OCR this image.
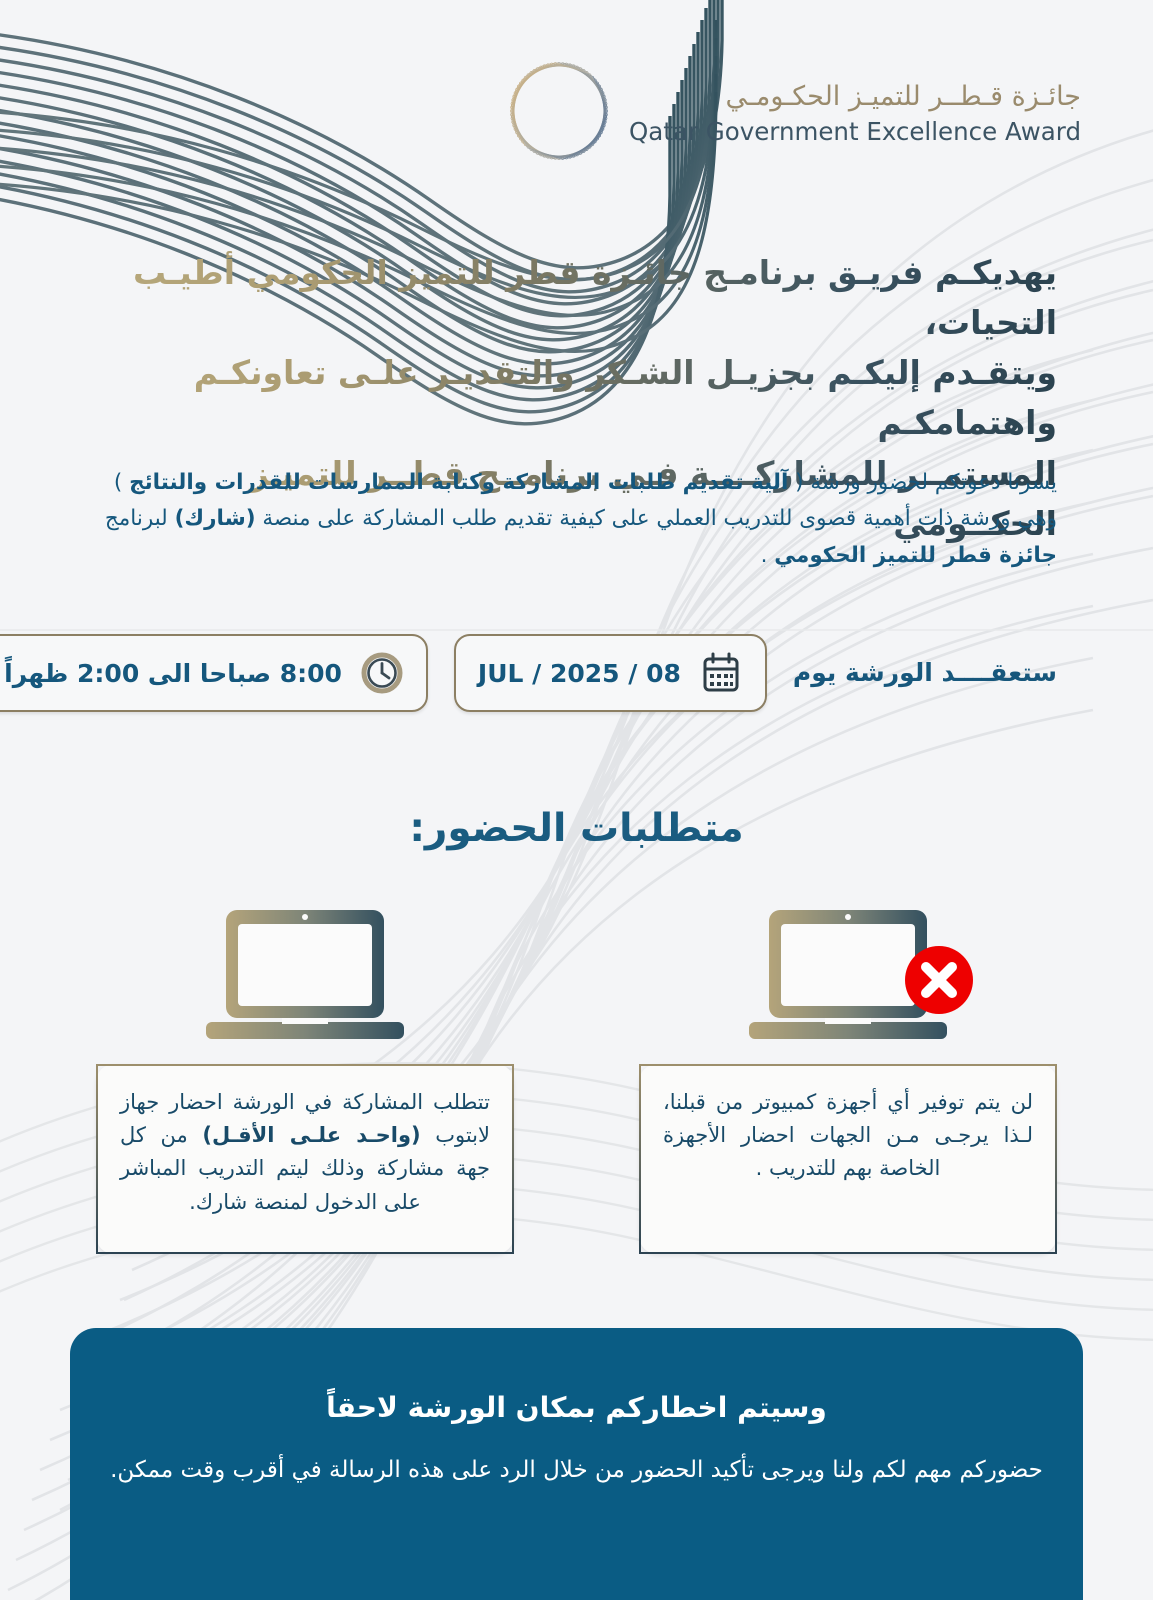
جائـزة قـطــر للتميـز الحكـومـي
Qatar Government Excellence Award
يهديكـم فريـق برنامـج جائـزة قطر للتميز الحكومي أطيـب التحيات،
ويتقـدم إليكـم بجزيـل الشـكر والتقديـر علـى تعاونكـم واهتمامكـم
المستمــر للمشاركــــة فـي برنامــج قطــر للتميـز الحكــومي

يسرنا دعوتكم لحضور ورشة ( آلية تقديم طلبات المشاركة وكتابة الممارسات للقدرات والنتائج ) وهي ورشة ذات أهمية قصوى للتدريب العملي على كيفية تقديم طلب المشاركة على منصة (شارك) لبرنامج جائزة قطر للتميز الحكومي .

ستعقــــد الورشة يوم
08 / JUL / 2025
8:00 صباحا الى 2:00 ظهراً
متطلبات الحضور:
تتطلب المشاركة في الورشة احضار جهاز لابتوب (واحـد علـى الأقـل) من كل جهة مشاركة وذلك ليتم التدريب المباشر على الدخول لمنصة شارك.
لن يتم توفير أي أجهزة كمبيوتر من قبلنا، لـذا يرجـى مـن الجهات احضار الأجهزة الخاصة بهم للتدريب .
وسيتم اخطاركم بمكان الورشة لاحقاً
حضوركم مهم لكم ولنا ويرجى تأكيد الحضور من خلال الرد على هذه الرسالة في أقرب وقت ممكن.
